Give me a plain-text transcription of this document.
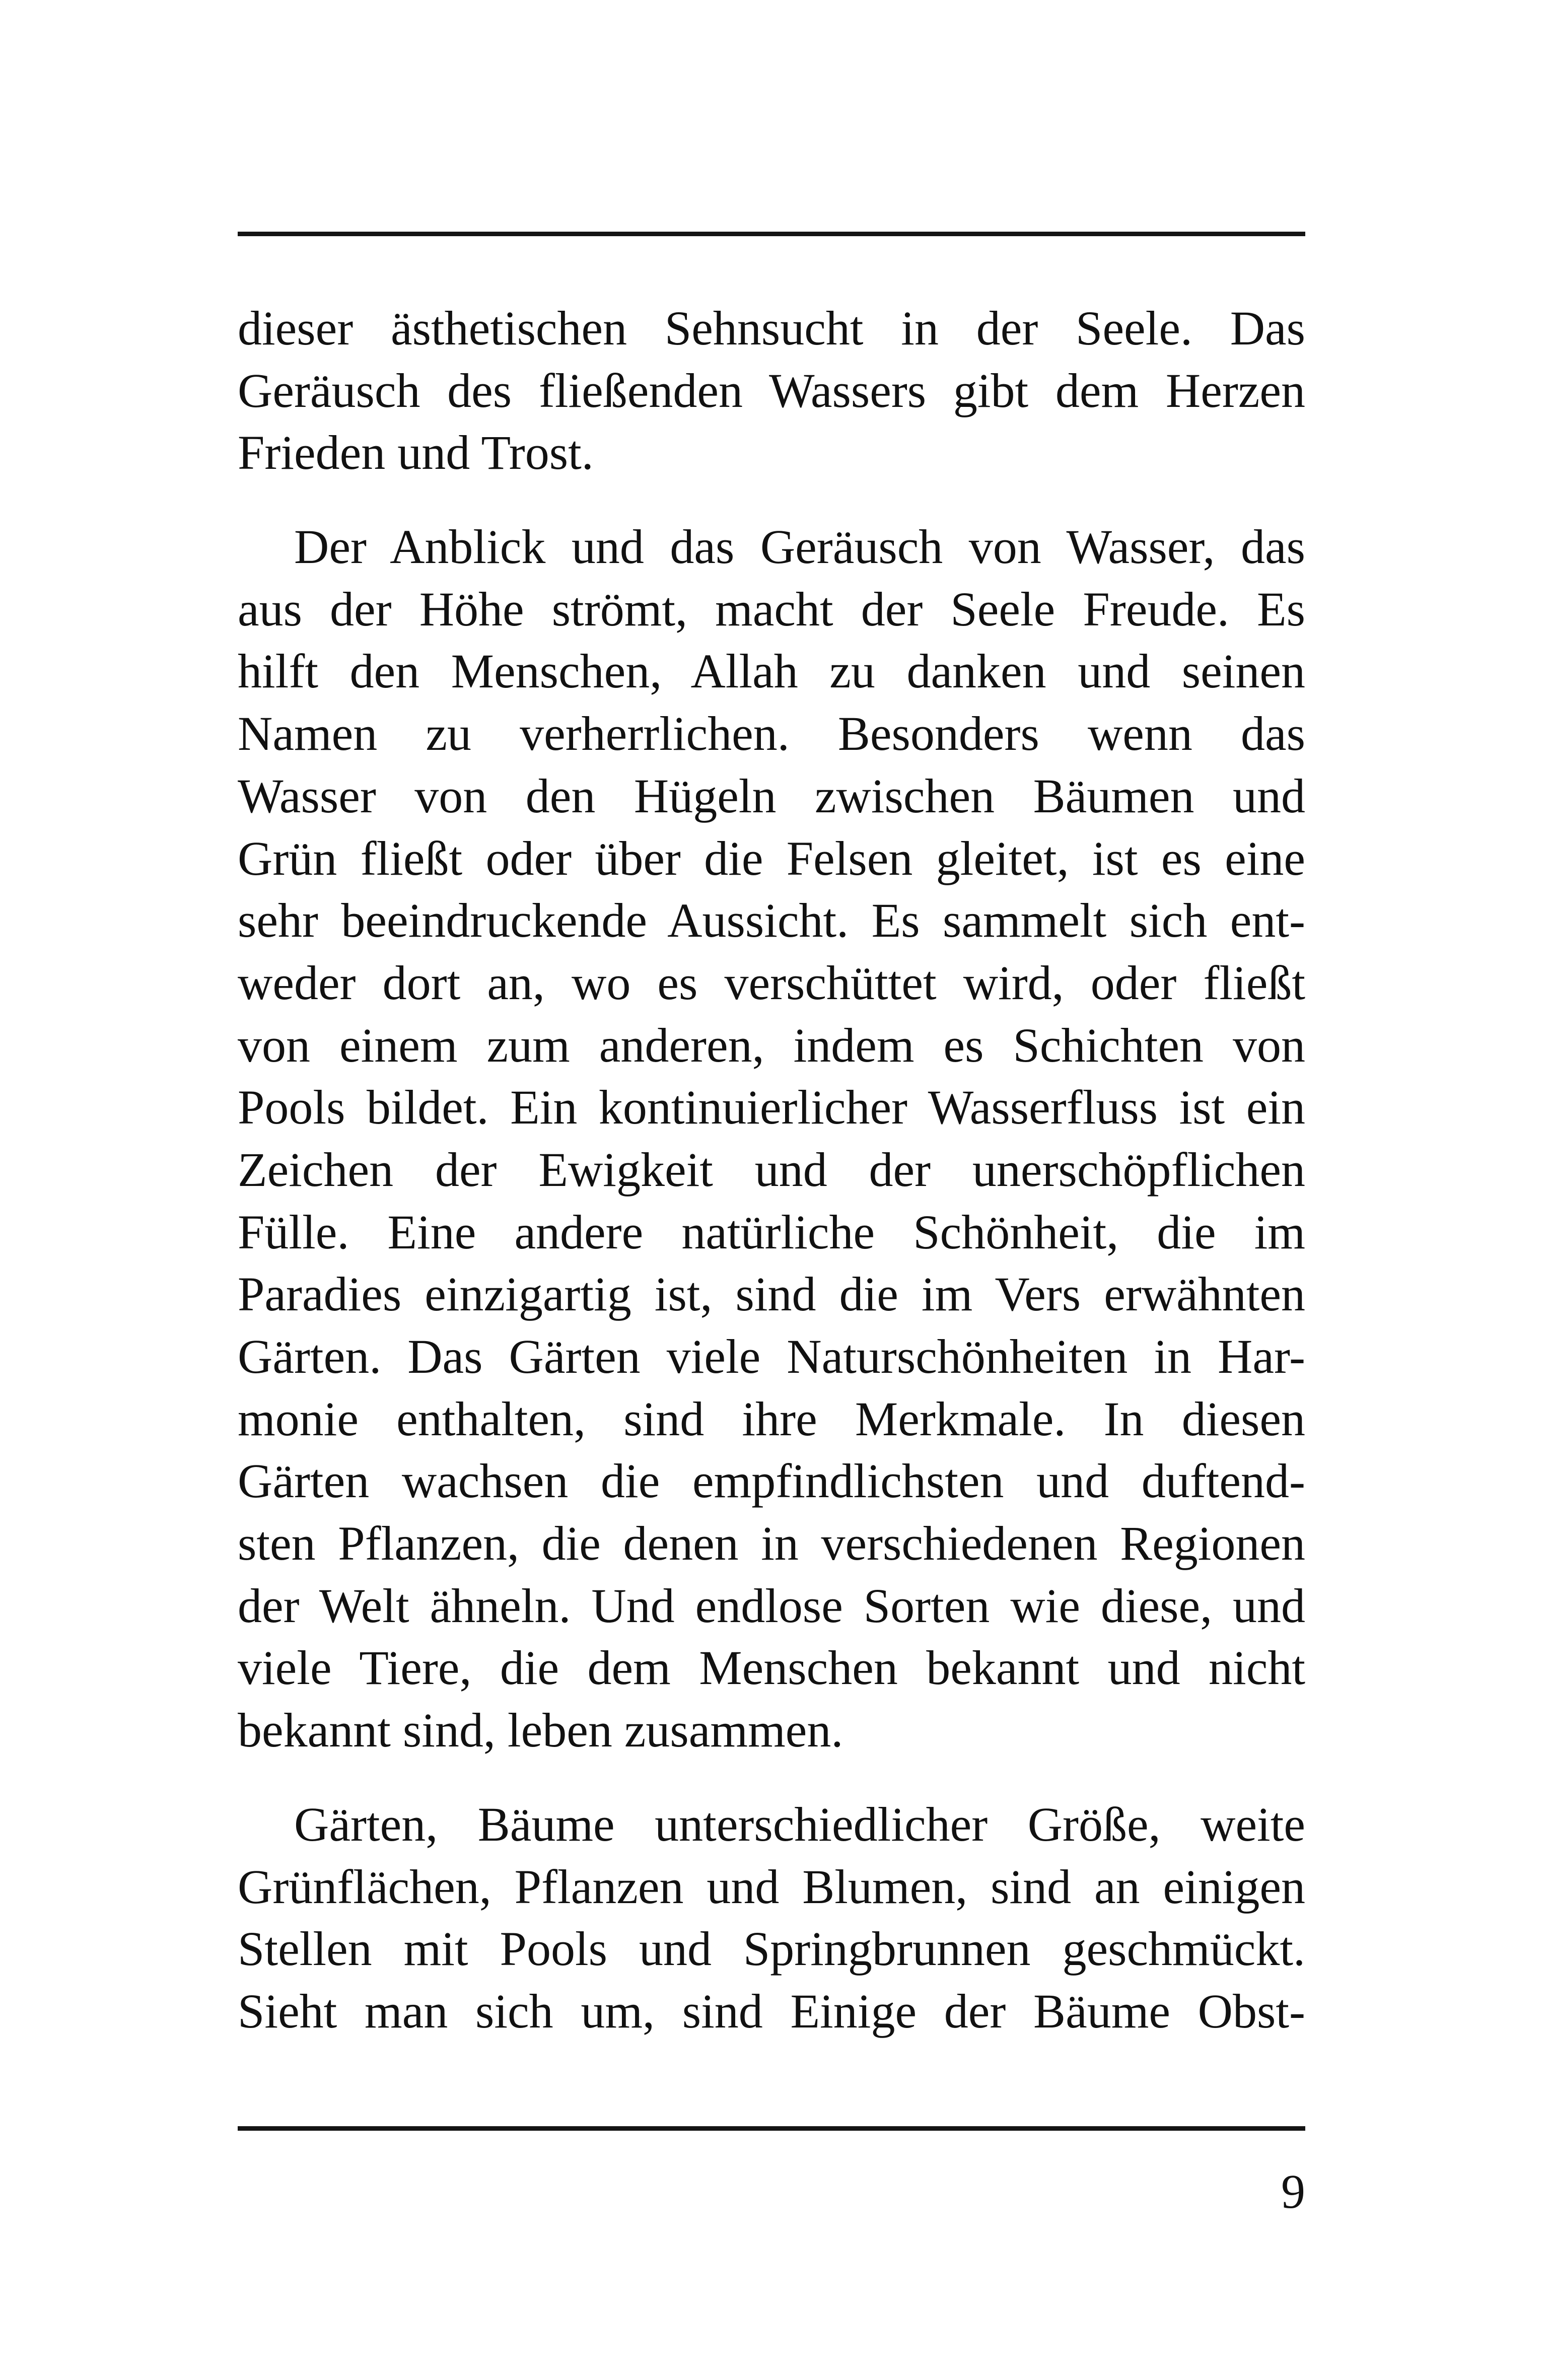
dieser ästhetischen Sehnsucht in der Seele. Das
Geräusch des fließenden Wassers gibt dem Herzen
Frieden und Trost.

Der Anblick und das Geräusch von Wasser, das
aus der Höhe strömt, macht der Seele Freude. Es
hilft den Menschen, Allah zu danken und seinen
Namen zu verherrlichen. Besonders wenn das
Wasser von den Hügeln zwischen Bäumen und
Grün fließt oder über die Felsen gleitet, ist es eine
sehr beeindruckende Aussicht. Es sammelt sich ent-
weder dort an, wo es verschüttet wird, oder fließt
von einem zum anderen, indem es Schichten von
Pools bildet. Ein kontinuierlicher Wasserfluss ist ein
Zeichen der Ewigkeit und der unerschöpflichen
Fülle. Eine andere natürliche Schönheit, die im
Paradies einzigartig ist, sind die im Vers erwähnten
Gärten. Das Gärten viele Naturschönheiten in Har-
monie enthalten, sind ihre Merkmale. In diesen
Gärten wachsen die empfindlichsten und duftend-
sten Pflanzen, die denen in verschiedenen Regionen
der Welt ähneln. Und endlose Sorten wie diese, und
viele Tiere, die dem Menschen bekannt und nicht
bekannt sind, leben zusammen.

Gärten, Bäume unterschiedlicher Größe, weite
Grünflächen, Pflanzen und Blumen, sind an einigen
Stellen mit Pools und Springbrunnen geschmückt.
Sieht man sich um, sind Einige der Bäume Obst-

9
